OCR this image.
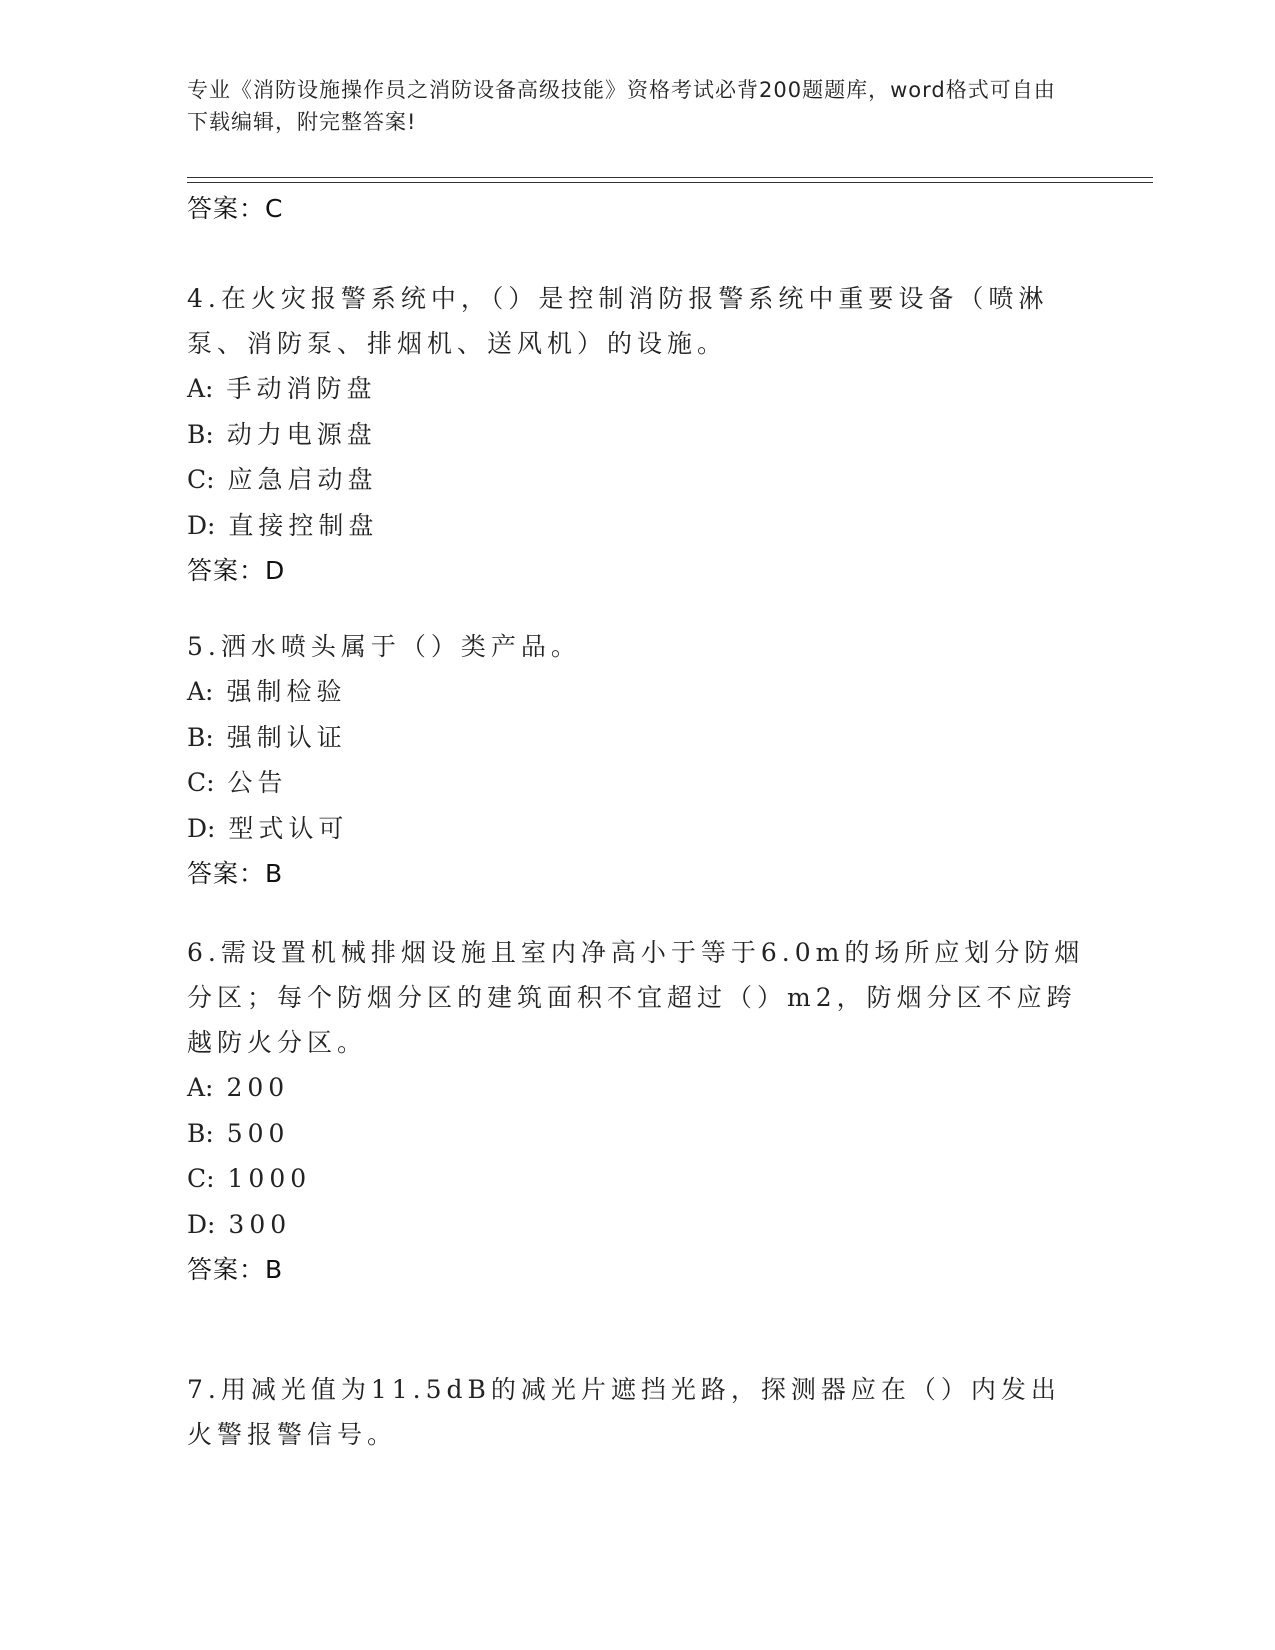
专业《消防设施操作员之消防设备高级技能》资格考试必背200题题库，word格式可自由下载编辑，附完整答案!

答案：C

4.在火灾报警系统中，（）是控制消防报警系统中重要设备（喷淋泵、消防泵、排烟机、送风机）的设施。

A: 手动消防盘

B: 动力电源盘

C: 应急启动盘

D: 直接控制盘

答案：D

5.洒水喷头属于（）类产品。

A: 强制检验

B: 强制认证

C: 公告

D: 型式认可

答案：B

6.需设置机械排烟设施且室内净高小于等于6.0m的场所应划分防烟分区；每个防烟分区的建筑面积不宜超过（）m2，防烟分区不应跨越防火分区。

A: 200

B: 500

C: 1000

D: 300

答案：B

7.用减光值为11.5dB的减光片遮挡光路，探测器应在（）内发出火警报警信号。
